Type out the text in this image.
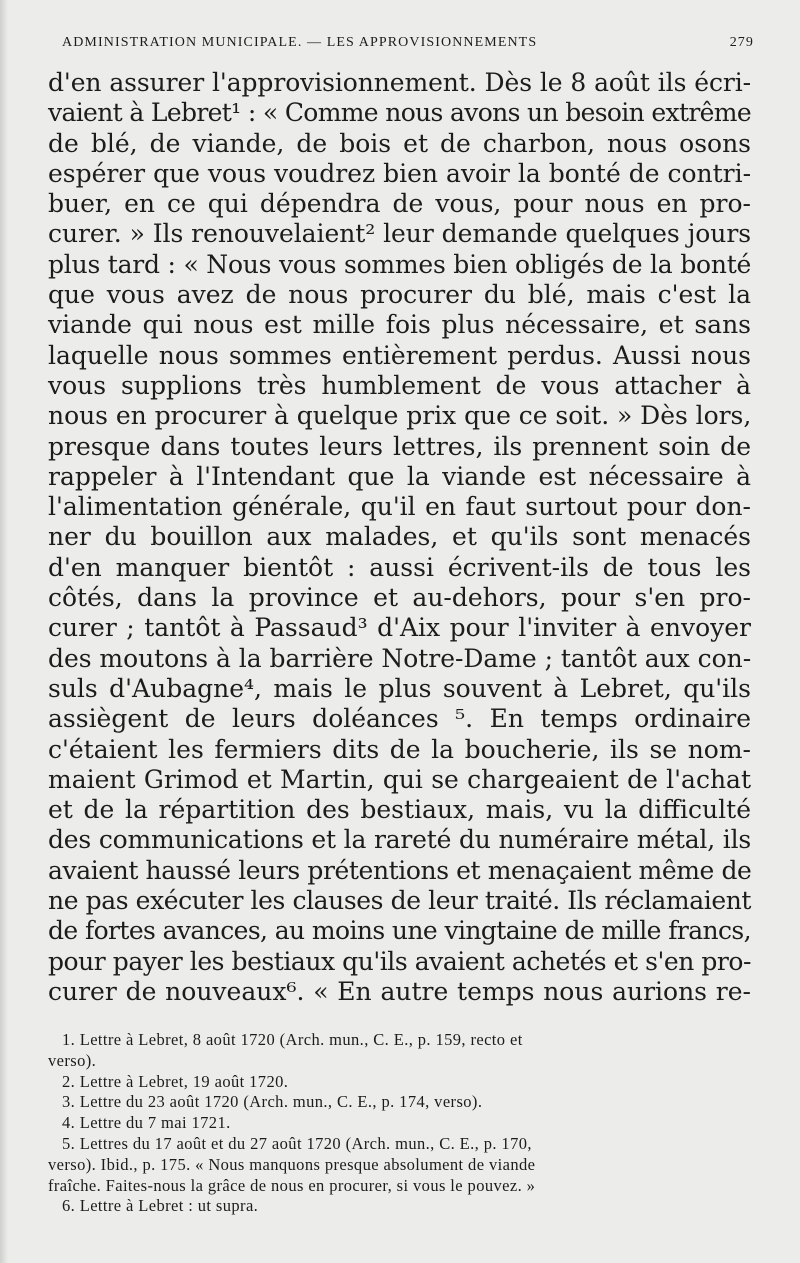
ADMINISTRATION MUNICIPALE. — LES APPROVISIONNEMENTS	279
d'en assurer l'approvisionnement. Dès le 8 août ils écri-
vaient à Lebret¹ : « Comme nous avons un besoin extrême
de blé, de viande, de bois et de charbon, nous osons
espérer que vous voudrez bien avoir la bonté de contri-
buer, en ce qui dépendra de vous, pour nous en pro-
curer. » Ils renouvelaient² leur demande quelques jours
plus tard : « Nous vous sommes bien obligés de la bonté
que vous avez de nous procurer du blé, mais c'est la
viande qui nous est mille fois plus nécessaire, et sans
laquelle nous sommes entièrement perdus. Aussi nous
vous supplions très humblement de vous attacher à
nous en procurer à quelque prix que ce soit. » Dès lors,
presque dans toutes leurs lettres, ils prennent soin de
rappeler à l'Intendant que la viande est nécessaire à
l'alimentation générale, qu'il en faut surtout pour don-
ner du bouillon aux malades, et qu'ils sont menacés
d'en manquer bientôt : aussi écrivent-ils de tous les
côtés, dans la province et au-dehors, pour s'en pro-
curer ; tantôt à Passaud³ d'Aix pour l'inviter à envoyer
des moutons à la barrière Notre-Dame ; tantôt aux con-
suls d'Aubagne⁴, mais le plus souvent à Lebret, qu'ils
assiègent de leurs doléances ⁵. En temps ordinaire
c'étaient les fermiers dits de la boucherie, ils se nom-
maient Grimod et Martin, qui se chargeaient de l'achat
et de la répartition des bestiaux, mais, vu la difficulté
des communications et la rareté du numéraire métal, ils
avaient haussé leurs prétentions et menaçaient même de
ne pas exécuter les clauses de leur traité. Ils réclamaient
de fortes avances, au moins une vingtaine de mille francs,
pour payer les bestiaux qu'ils avaient achetés et s'en pro-
curer de nouveaux⁶. « En autre temps nous aurions re-

1. Lettre à Lebret, 8 août 1720 (Arch. mun., C. E., p. 159, recto et
verso).

2. Lettre à Lebret, 19 août 1720.

3. Lettre du 23 août 1720 (Arch. mun., C. E., p. 174, verso).

4. Lettre du 7 mai 1721.

5. Lettres du 17 août et du 27 août 1720 (Arch. mun., C. E., p. 170,
verso). Ibid., p. 175. « Nous manquons presque absolument de viande
fraîche. Faites-nous la grâce de nous en procurer, si vous le pouvez. »

6. Lettre à Lebret : ut supra.
